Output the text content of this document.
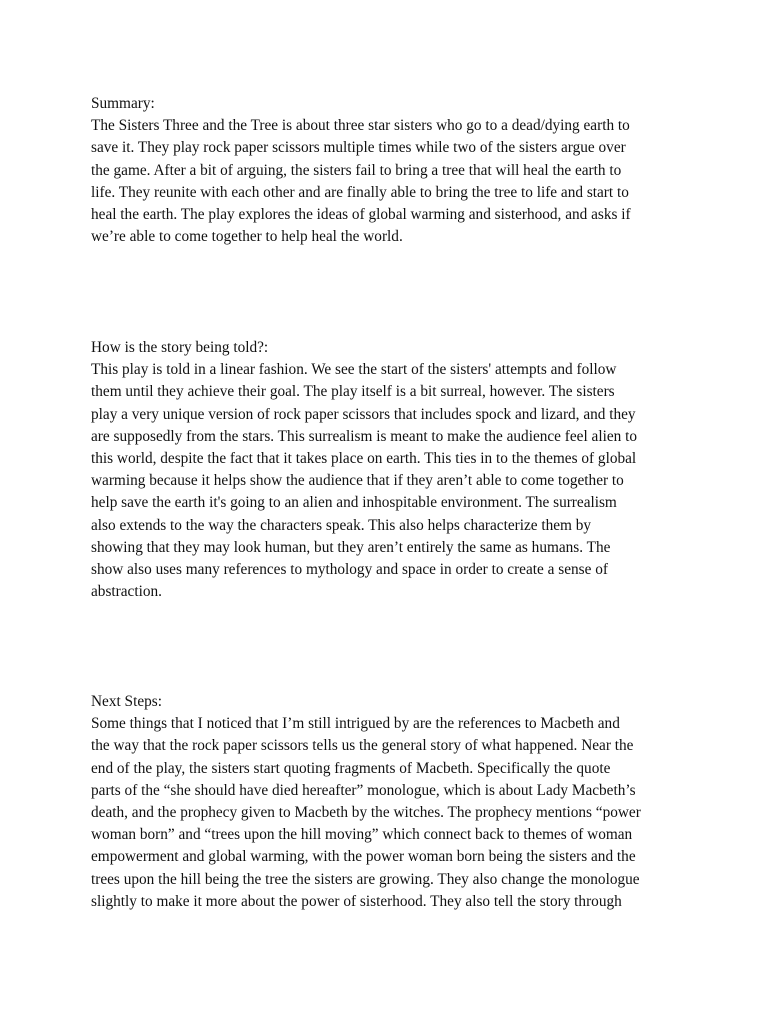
Summary:
The Sisters Three and the Tree is about three star sisters who go to a dead/dying earth to
save it. They play rock paper scissors multiple times while two of the sisters argue over
the game. After a bit of arguing, the sisters fail to bring a tree that will heal the earth to
life. They reunite with each other and are finally able to bring the tree to life and start to
heal the earth. The play explores the ideas of global warming and sisterhood, and asks if
we’re able to come together to help heal the world.
How is the story being told?:
This play is told in a linear fashion. We see the start of the sisters' attempts and follow
them until they achieve their goal. The play itself is a bit surreal, however. The sisters
play a very unique version of rock paper scissors that includes spock and lizard, and they
are supposedly from the stars. This surrealism is meant to make the audience feel alien to
this world, despite the fact that it takes place on earth. This ties in to the themes of global
warming because it helps show the audience that if they aren’t able to come together to
help save the earth it's going to an alien and inhospitable environment. The surrealism
also extends to the way the characters speak. This also helps characterize them by
showing that they may look human, but they aren’t entirely the same as humans. The
show also uses many references to mythology and space in order to create a sense of
abstraction.
Next Steps:
Some things that I noticed that I’m still intrigued by are the references to Macbeth and
the way that the rock paper scissors tells us the general story of what happened. Near the
end of the play, the sisters start quoting fragments of Macbeth. Specifically the quote
parts of the “she should have died hereafter” monologue, which is about Lady Macbeth’s
death, and the prophecy given to Macbeth by the witches. The prophecy mentions “power
woman born” and “trees upon the hill moving” which connect back to themes of woman
empowerment and global warming, with the power woman born being the sisters and the
trees upon the hill being the tree the sisters are growing. They also change the monologue
slightly to make it more about the power of sisterhood. They also tell the story through
